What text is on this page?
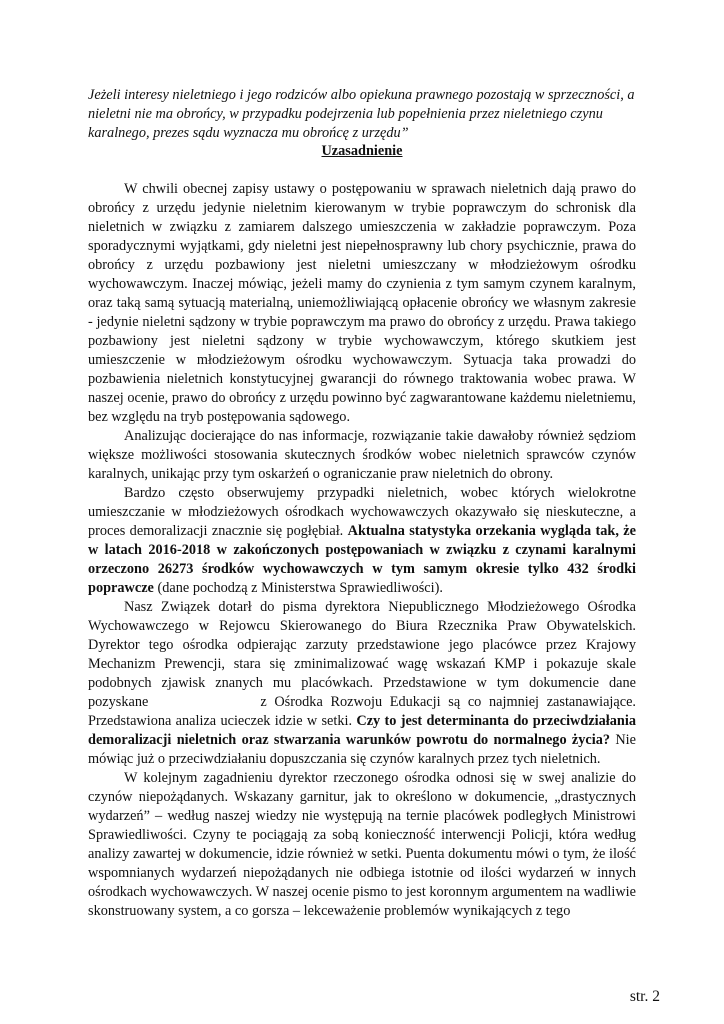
Jeżeli interesy nieletniego i jego rodziców albo opiekuna prawnego pozostają w sprzeczności, a nieletni nie ma obrońcy, w przypadku podejrzenia lub popełnienia przez nieletniego czynu karalnego, prezes sądu wyznacza mu obrońcę z urzędu”
Uzasadnienie

W chwili obecnej zapisy ustawy o postępowaniu w sprawach nieletnich dają prawo do obrońcy z urzędu jedynie nieletnim kierowanym w trybie poprawczym do schronisk dla nieletnich w związku z zamiarem dalszego umieszczenia w zakładzie poprawczym. Poza sporadycznymi wyjątkami, gdy nieletni jest niepełnosprawny lub chory psychicznie, prawa do obrońcy z urzędu pozbawiony jest nieletni umieszczany w młodzieżowym ośrodku wychowawczym. Inaczej mówiąc, jeżeli mamy do czynienia z tym samym czynem karalnym, oraz taką samą sytuacją materialną, uniemożliwiającą opłacenie obrońcy we własnym zakresie - jedynie nieletni sądzony w trybie poprawczym ma prawo do obrońcy z urzędu. Prawa takiego pozbawiony jest nieletni sądzony w trybie wychowawczym, którego skutkiem jest umieszczenie w młodzieżowym ośrodku wychowawczym. Sytuacja taka prowadzi do pozbawienia nieletnich konstytucyjnej gwarancji do równego traktowania wobec prawa. W naszej ocenie, prawo do obrońcy z urzędu powinno być zagwarantowane każdemu nieletniemu, bez względu na tryb postępowania sądowego.

Analizując docierające do nas informacje, rozwiązanie takie dawałoby również sędziom większe możliwości stosowania skutecznych środków wobec nieletnich sprawców czynów karalnych, unikając przy tym oskarżeń o ograniczanie praw nieletnich do obrony.

Bardzo często obserwujemy przypadki nieletnich, wobec których wielokrotne umieszczanie w młodzieżowych ośrodkach wychowawczych okazywało się nieskuteczne, a proces demoralizacji znacznie się pogłębiał. Aktualna statystyka orzekania wygląda tak, że w latach 2016-2018 w zakończonych postępowaniach w związku z czynami karalnymi orzeczono 26273 środków wychowawczych w tym samym okresie tylko 432 środki poprawcze (dane pochodzą z Ministerstwa Sprawiedliwości).

Nasz Związek dotarł do pisma dyrektora Niepublicznego Młodzieżowego Ośrodka Wychowawczego w Rejowcu Skierowanego do Biura Rzecznika Praw Obywatelskich. Dyrektor tego ośrodka odpierając zarzuty przedstawione jego placówce przez Krajowy Mechanizm Prewencji, stara się zminimalizować wagę wskazań KMP i pokazuje skale podobnych zjawisk znanych mu placówkach. Przedstawione w tym dokumencie dane pozyskane	z Ośrodka Rozwoju Edukacji są co najmniej zastanawiające. Przedstawiona analiza ucieczek idzie w setki. Czy to jest determinanta do przeciwdziałania demoralizacji nieletnich oraz stwarzania warunków powrotu do normalnego życia? Nie mówiąc już o przeciwdziałaniu dopuszczania się czynów karalnych przez tych nieletnich.

W kolejnym zagadnieniu dyrektor rzeczonego ośrodka odnosi się w swej analizie do czynów niepożądanych. Wskazany garnitur, jak to określono w dokumencie, „drastycznych wydarzeń” – według naszej wiedzy nie występują na ternie placówek podległych Ministrowi Sprawiedliwości. Czyny te pociągają za sobą konieczność interwencji Policji, która według analizy zawartej w dokumencie, idzie również w setki. Puenta dokumentu mówi o tym, że ilość wspomnianych wydarzeń niepożądanych nie odbiega istotnie od ilości wydarzeń w innych ośrodkach wychowawczych. W naszej ocenie pismo to jest koronnym argumentem na wadliwie skonstruowany system, a co gorsza – lekceważenie problemów wynikających z tego

str. 2
